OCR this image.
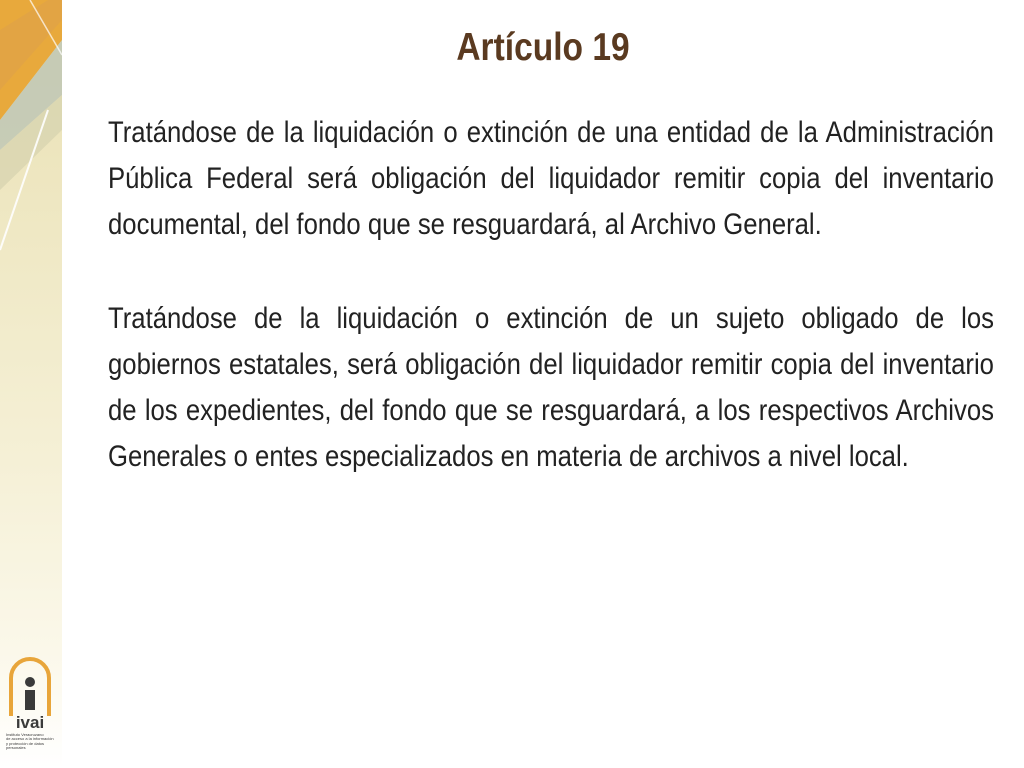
Artículo 19

Tratándose de la liquidación o extinción de una entidad de la Administración Pública Federal será obligación del liquidador remitir copia del inventario documental, del fondo que se resguardará, al Archivo General.

Tratándose de la liquidación o extinción de un sujeto obligado de los gobiernos estatales, será obligación del liquidador remitir copia del inventario de los expedientes, del fondo que se resguardará, a los respectivos Archivos Generales o entes especializados en materia de archivos a nivel local.

ivai
Instituto Veracruzano
de acceso a la información
y protección de datos personales
